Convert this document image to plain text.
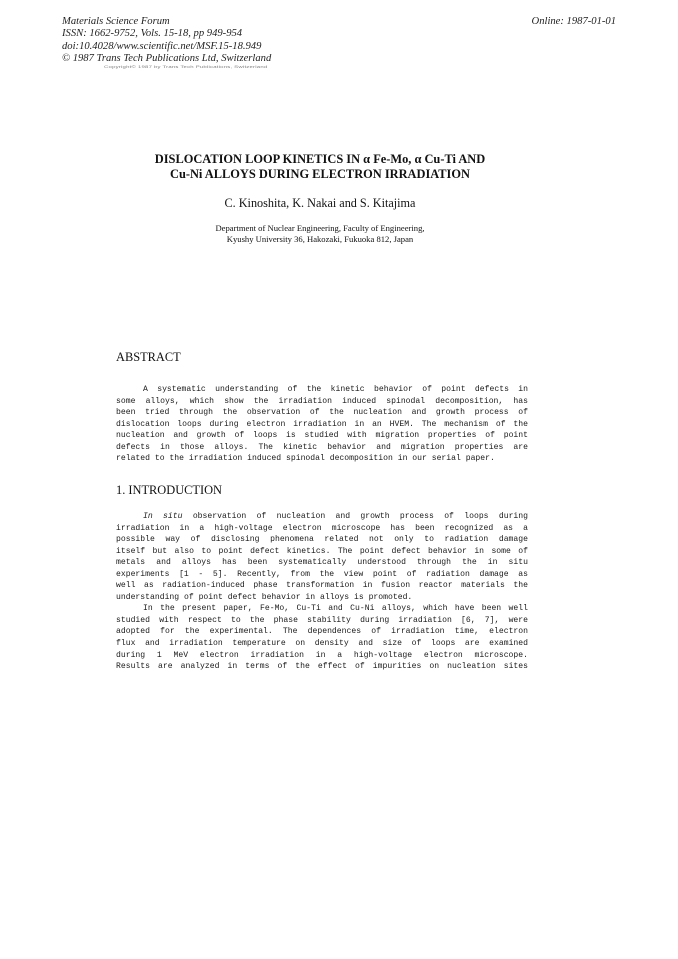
Materials Science Forum
ISSN: 1662-9752, Vols. 15-18, pp 949-954
doi:10.4028/www.scientific.net/MSF.15-18.949
© 1987 Trans Tech Publications Ltd, Switzerland
Online: 1987-01-01
Copyright© 1987 by Trans Tech Publications, Switzerland
DISLOCATION LOOP KINETICS IN α Fe-Mo, α Cu-Ti AND
Cu-Ni ALLOYS DURING ELECTRON IRRADIATION
C. Kinoshita, K. Nakai and S. Kitajima
Department of Nuclear Engineering, Faculty of Engineering,
Kyushy University 36, Hakozaki, Fukuoka 812, Japan
ABSTRACT
A systematic understanding of the kinetic behavior of point defects in
some alloys, which show the irradiation induced spinodal decomposition, has
been tried through the observation of the nucleation and growth process of
dislocation loops during electron irradiation in an HVEM. The mechanism of the
nucleation and growth of loops is studied with migration properties of point
defects in those alloys. The kinetic behavior and migration properties are
related to the irradiation induced spinodal decomposition in our serial paper.
1. INTRODUCTION
In situ observation of nucleation and growth process of loops during
irradiation in a high-voltage electron microscope has been recognized as a
possible way of disclosing phenomena related not only to radiation damage
itself but also to point defect kinetics. The point defect behavior in some of
metals and alloys has been systematically understood through the in situ
experiments [1 - 5]. Recently, from the view point of radiation damage as
well as radiation-induced phase transformation in fusion reactor materials the
understanding of point defect behavior in alloys is promoted.
In the present paper, Fe-Mo, Cu-Ti and Cu-Ni alloys, which have been well
studied with respect to the phase stability during irradiation [6, 7], were
adopted for the experimental. The dependences of irradiation time, electron
flux and irradiation temperature on density and size of loops are examined
during 1 MeV electron irradiation in a high-voltage electron microscope.
Results are analyzed in terms of the effect of impurities on nucleation sites
